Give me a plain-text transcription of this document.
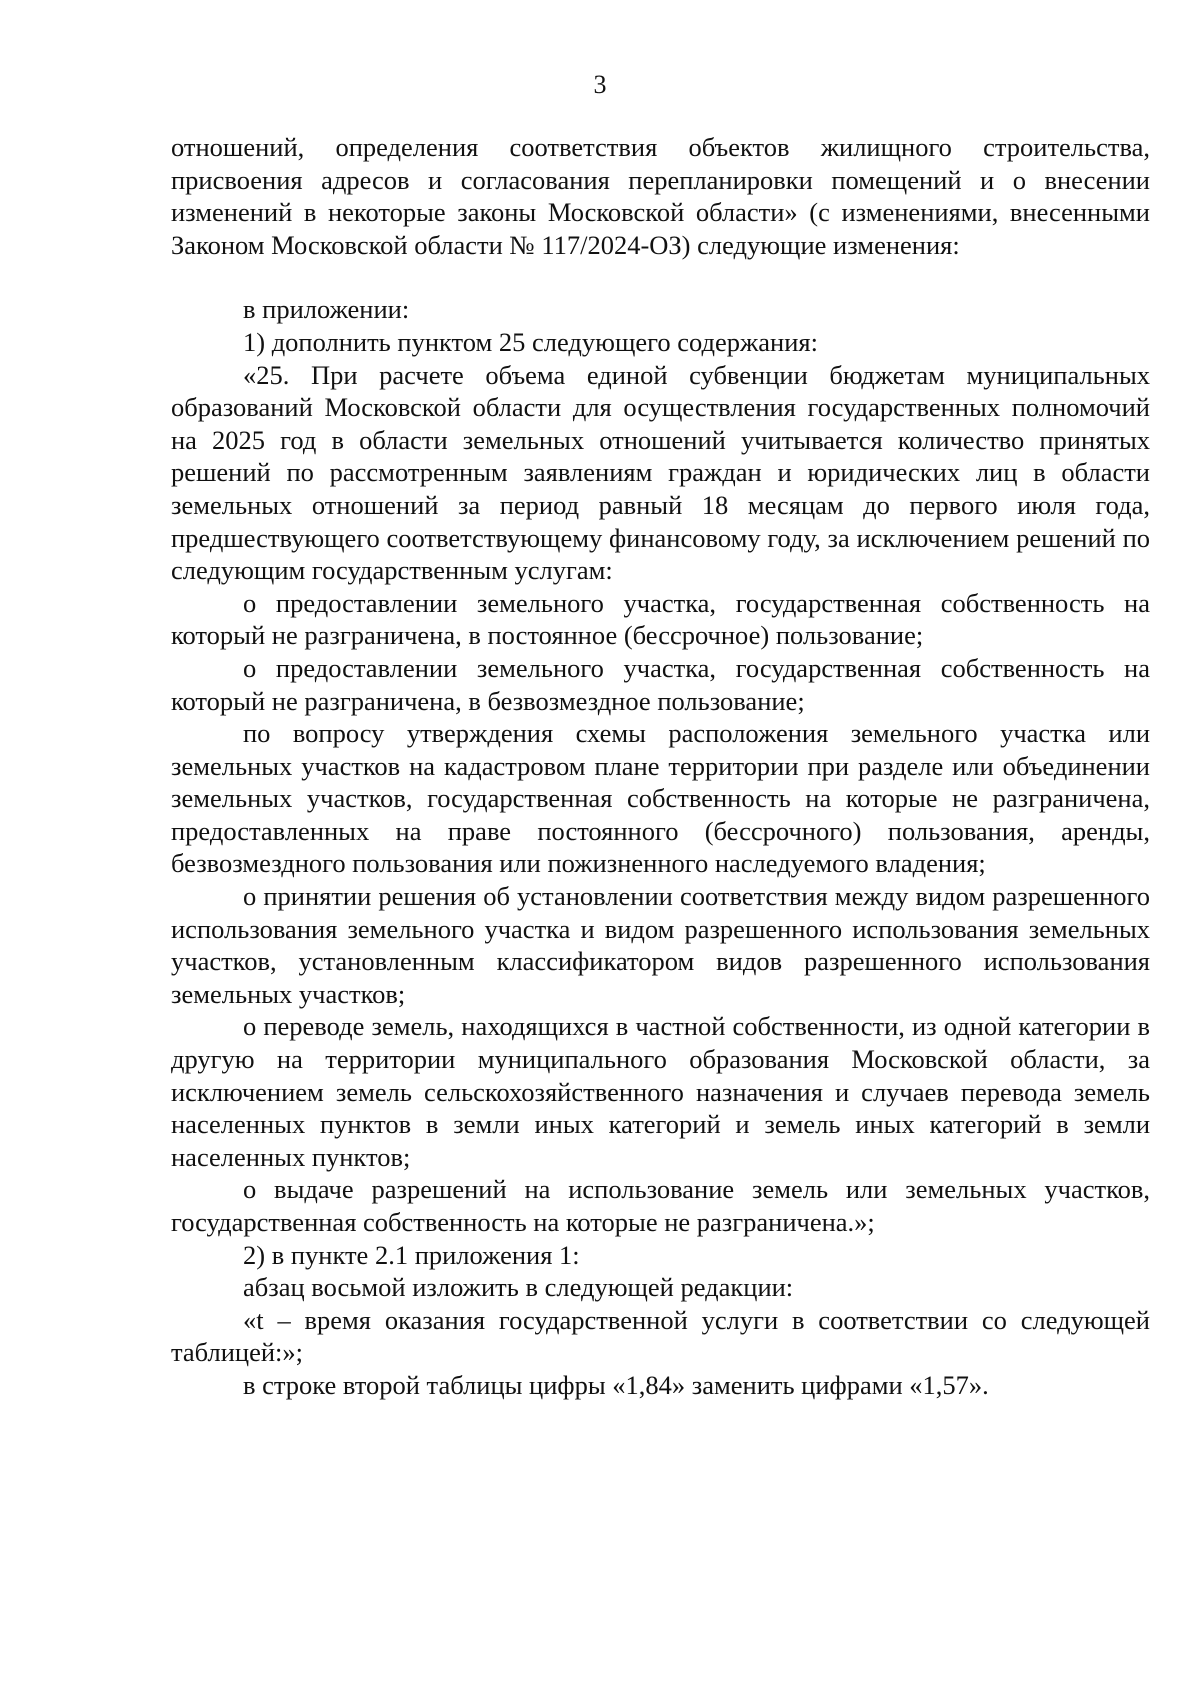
3

отношений, определения соответствия объектов жилищного строительства, присвоения адресов и согласования перепланировки помещений и о внесении изменений в некоторые законы Московской области» (с изменениями, внесенными Законом Московской области № 117/2024-ОЗ) следующие изменения:

в приложении:

1) дополнить пунктом 25 следующего содержания:

«25. При расчете объема единой субвенции бюджетам муниципальных образований Московской области для осуществления государственных полномочий на 2025 год в области земельных отношений учитывается количество принятых решений по рассмотренным заявлениям граждан и юридических лиц в области земельных отношений за период равный 18 месяцам до первого июля года, предшествующего соответствующему финансовому году, за исключением решений по следующим государственным услугам:

о предоставлении земельного участка, государственная собственность на который не разграничена, в постоянное (бессрочное) пользование;

о предоставлении земельного участка, государственная собственность на который не разграничена, в безвозмездное пользование;

по вопросу утверждения схемы расположения земельного участка или земельных участков на кадастровом плане территории при разделе или объединении земельных участков, государственная собственность на которые не разграничена, предоставленных на праве постоянного (бессрочного) пользования, аренды, безвозмездного пользования или пожизненного наследуемого владения;

о принятии решения об установлении соответствия между видом разрешенного использования земельного участка и видом разрешенного использования земельных участков, установленным классификатором видов разрешенного использования земельных участков;

о переводе земель, находящихся в частной собственности, из одной категории в другую на территории муниципального образования Московской области, за исключением земель сельскохозяйственного назначения и случаев перевода земель населенных пунктов в земли иных категорий и земель иных категорий в земли населенных пунктов;

о выдаче разрешений на использование земель или земельных участков, государственная собственность на которые не разграничена.»;

2) в пункте 2.1 приложения 1:

абзац восьмой изложить в следующей редакции:

«t – время оказания государственной услуги в соответствии со следующей таблицей:»;

в строке второй таблицы цифры «1,84» заменить цифрами «1,57».
